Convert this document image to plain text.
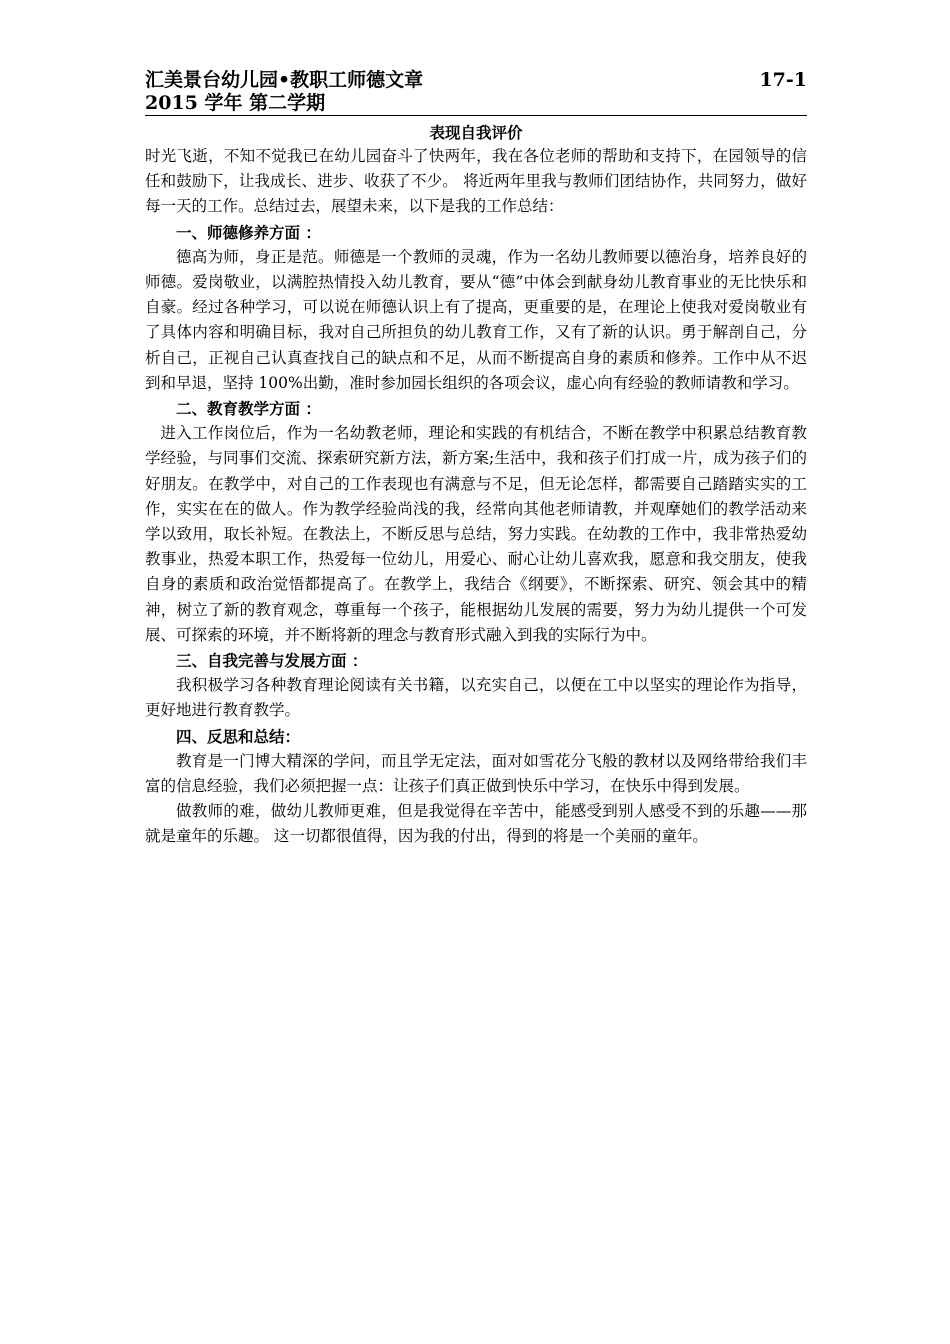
汇美景台幼儿园•教职工师德文章	17-1
2015 学年 第二学期
表现自我评价

时光飞逝，不知不觉我已在幼儿园奋斗了快两年，我在各位老师的帮助和支持下，在园领导的信任和鼓励下，让我成长、进步、收获了不少。 将近两年里我与教师们团结协作，共同努力，做好每一天的工作。总结过去，展望未来，以下是我的工作总结：

一、师德修养方面 ：

德高为师，身正是范。师德是一个教师的灵魂，作为一名幼儿教师要以德治身，培养良好的师德。爱岗敬业，以满腔热情投入幼儿教育，要从“德”中体会到献身幼儿教育事业的无比快乐和自豪。经过各种学习，可以说在师德认识上有了提高，更重要的是，在理论上使我对爱岗敬业有了具体内容和明确目标，我对自己所担负的幼儿教育工作，又有了新的认识。勇于解剖自己，分析自己，正视自己认真查找自己的缺点和不足，从而不断提高自身的素质和修养。工作中从不迟到和早退，坚持 100%出勤，准时参加园长组织的各项会议，虚心向有经验的教师请教和学习。

二、教育教学方面 ：

进入工作岗位后，作为一名幼教老师，理论和实践的有机结合，不断在教学中积累总结教育教学经验，与同事们交流、探索研究新方法，新方案;生活中，我和孩子们打成一片，成为孩子们的好朋友。在教学中，对自己的工作表现也有满意与不足，但无论怎样，都需要自己踏踏实实的工作，实实在在的做人。作为教学经验尚浅的我，经常向其他老师请教，并观摩她们的教学活动来学以致用，取长补短。在教法上，不断反思与总结，努力实践。在幼教的工作中，我非常热爱幼教事业，热爱本职工作，热爱每一位幼儿，用爱心、耐心让幼儿喜欢我，愿意和我交朋友，使我自身的素质和政治觉悟都提高了。在教学上，我结合《纲要》，不断探索、研究、领会其中的精神，树立了新的教育观念，尊重每一个孩子，能根据幼儿发展的需要，努力为幼儿提供一个可发展、可探索的环境，并不断将新的理念与教育形式融入到我的实际行为中。

三、自我完善与发展方面 ：

我积极学习各种教育理论阅读有关书籍，以充实自己，以便在工中以坚实的理论作为指导，更好地进行教育教学。

四、反思和总结：

教育是一门博大精深的学问，而且学无定法，面对如雪花分飞般的教材以及网络带给我们丰富的信息经验，我们必须把握一点：让孩子们真正做到快乐中学习，在快乐中得到发展。

做教师的难，做幼儿教师更难，但是我觉得在辛苦中，能感受到别人感受不到的乐趣——那就是童年的乐趣。 这一切都很值得，因为我的付出，得到的将是一个美丽的童年。
